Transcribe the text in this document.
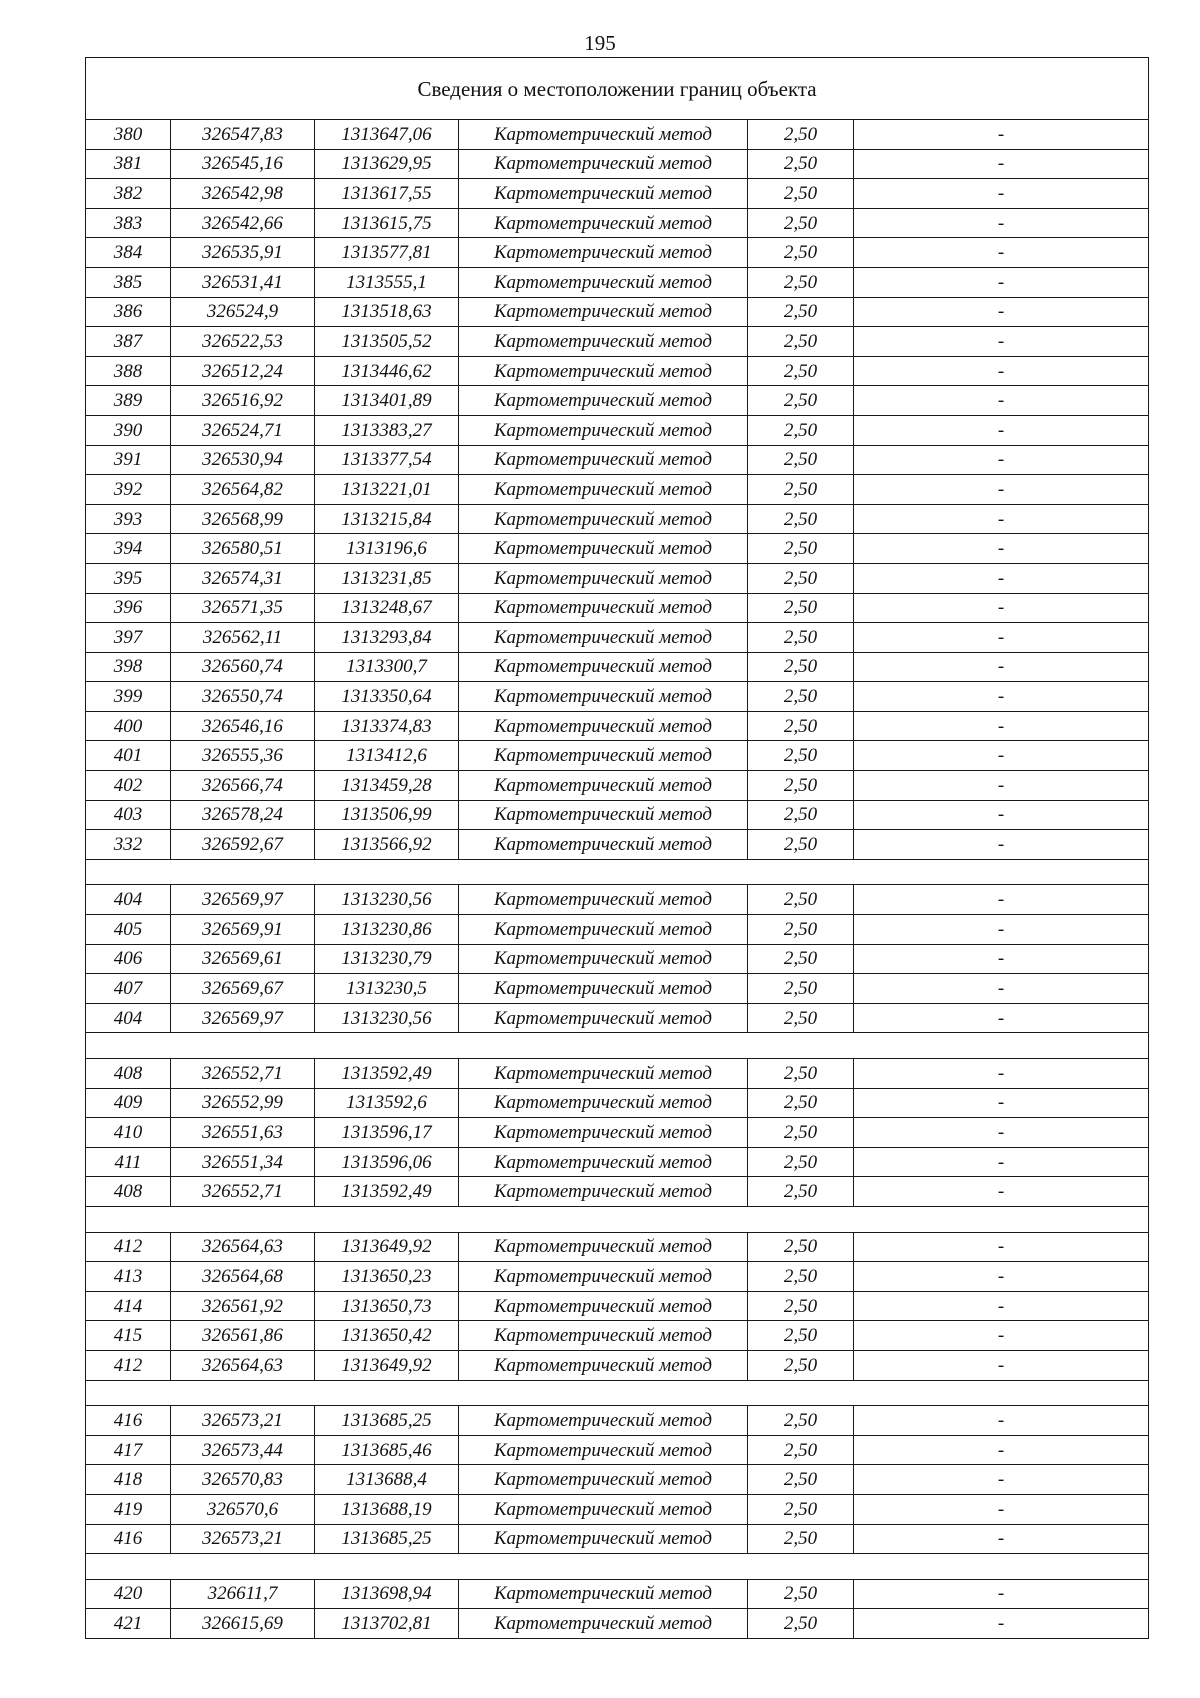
195
Сведения о местоположении границ объекта					
380	326547,83	1313647,06	Картометрический метод	2,50	-
381	326545,16	1313629,95	Картометрический метод	2,50	-
382	326542,98	1313617,55	Картометрический метод	2,50	-
383	326542,66	1313615,75	Картометрический метод	2,50	-
384	326535,91	1313577,81	Картометрический метод	2,50	-
385	326531,41	1313555,1	Картометрический метод	2,50	-
386	326524,9	1313518,63	Картометрический метод	2,50	-
387	326522,53	1313505,52	Картометрический метод	2,50	-
388	326512,24	1313446,62	Картометрический метод	2,50	-
389	326516,92	1313401,89	Картометрический метод	2,50	-
390	326524,71	1313383,27	Картометрический метод	2,50	-
391	326530,94	1313377,54	Картометрический метод	2,50	-
392	326564,82	1313221,01	Картометрический метод	2,50	-
393	326568,99	1313215,84	Картометрический метод	2,50	-
394	326580,51	1313196,6	Картометрический метод	2,50	-
395	326574,31	1313231,85	Картометрический метод	2,50	-
396	326571,35	1313248,67	Картометрический метод	2,50	-
397	326562,11	1313293,84	Картометрический метод	2,50	-
398	326560,74	1313300,7	Картометрический метод	2,50	-
399	326550,74	1313350,64	Картометрический метод	2,50	-
400	326546,16	1313374,83	Картометрический метод	2,50	-
401	326555,36	1313412,6	Картометрический метод	2,50	-
402	326566,74	1313459,28	Картометрический метод	2,50	-
403	326578,24	1313506,99	Картометрический метод	2,50	-
332	326592,67	1313566,92	Картометрический метод	2,50	-

404	326569,97	1313230,56	Картометрический метод	2,50	-
405	326569,91	1313230,86	Картометрический метод	2,50	-
406	326569,61	1313230,79	Картометрический метод	2,50	-
407	326569,67	1313230,5	Картометрический метод	2,50	-
404	326569,97	1313230,56	Картометрический метод	2,50	-

408	326552,71	1313592,49	Картометрический метод	2,50	-
409	326552,99	1313592,6	Картометрический метод	2,50	-
410	326551,63	1313596,17	Картометрический метод	2,50	-
411	326551,34	1313596,06	Картометрический метод	2,50	-
408	326552,71	1313592,49	Картометрический метод	2,50	-

412	326564,63	1313649,92	Картометрический метод	2,50	-
413	326564,68	1313650,23	Картометрический метод	2,50	-
414	326561,92	1313650,73	Картометрический метод	2,50	-
415	326561,86	1313650,42	Картометрический метод	2,50	-
412	326564,63	1313649,92	Картометрический метод	2,50	-

416	326573,21	1313685,25	Картометрический метод	2,50	-
417	326573,44	1313685,46	Картометрический метод	2,50	-
418	326570,83	1313688,4	Картометрический метод	2,50	-
419	326570,6	1313688,19	Картометрический метод	2,50	-
416	326573,21	1313685,25	Картометрический метод	2,50	-

420	326611,7	1313698,94	Картометрический метод	2,50	-
421	326615,69	1313702,81	Картометрический метод	2,50	-
